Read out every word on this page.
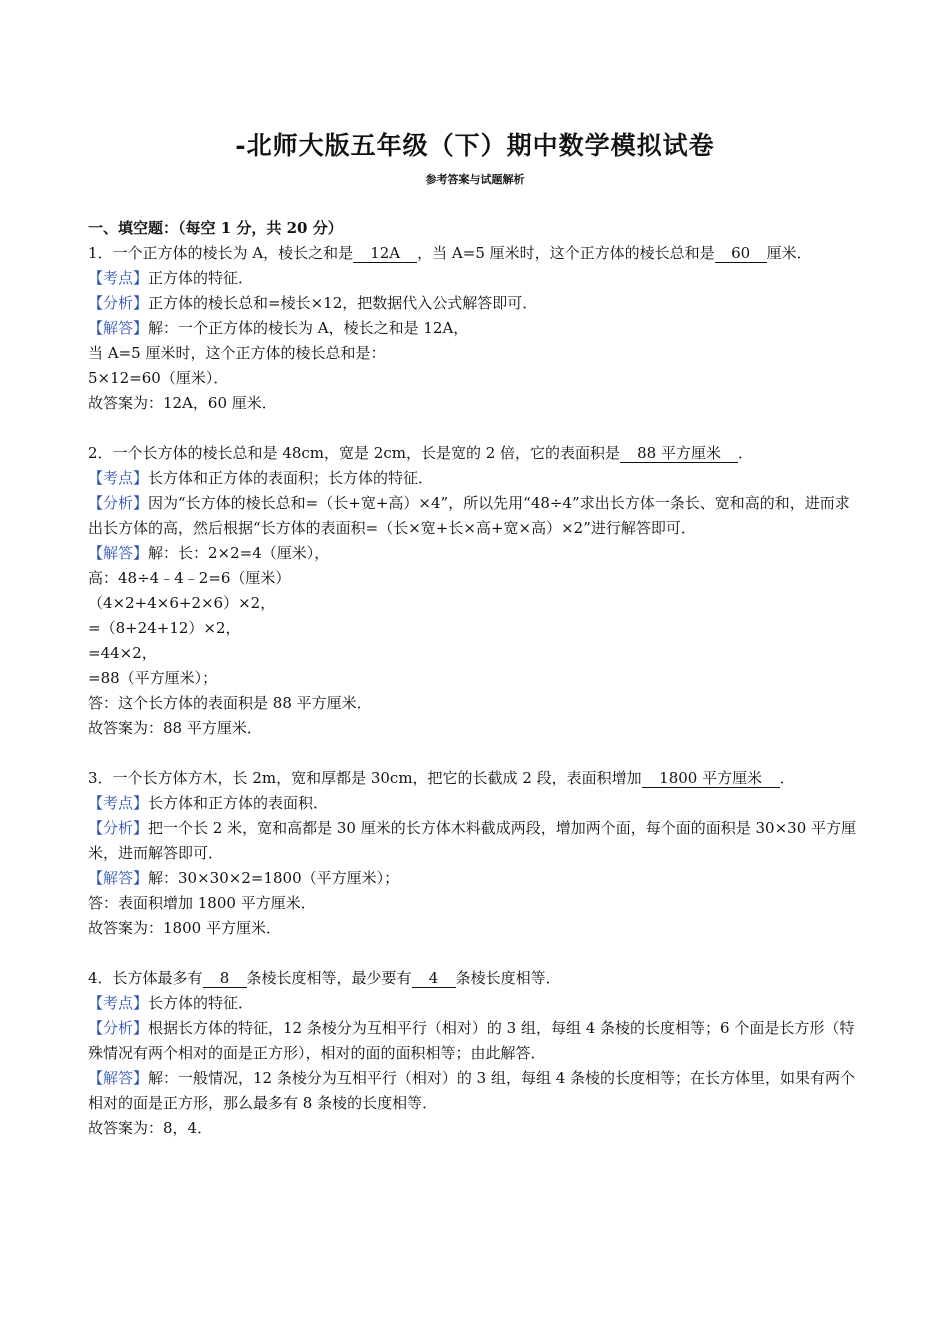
-北师大版五年级（下）期中数学模拟试卷
参考答案与试题解析
一、填空题：（每空 1 分，共 20 分）
1．一个正方体的棱长为 A，棱长之和是 12A ，当 A=5 厘米时，这个正方体的棱长总和是 60 厘米．
【考点】正方体的特征．
【分析】正方体的棱长总和=棱长×12，把数据代入公式解答即可．
【解答】解：一个正方体的棱长为 A，棱长之和是 12A，
当 A=5 厘米时，这个正方体的棱长总和是：
5×12=60（厘米）．
故答案为：12A，60 厘米．
2．一个长方体的棱长总和是 48cm，宽是 2cm，长是宽的 2 倍，它的表面积是 88 平方厘米 ．
【考点】长方体和正方体的表面积；长方体的特征．
【分析】因为“长方体的棱长总和=（长+宽+高）×4”，所以先用“48÷4”求出长方体一条长、宽和高的和，进而求出长方体的高，然后根据“长方体的表面积=（长×宽+长×高+宽×高）×2”进行解答即可．
【解答】解：长：2×2=4（厘米），
高：48÷4﹣4﹣2=6（厘米）
（4×2+4×6+2×6）×2，
=（8+24+12）×2，
=44×2，
=88（平方厘米）；
答：这个长方体的表面积是 88 平方厘米．
故答案为：88 平方厘米．
3．一个长方体方木，长 2m，宽和厚都是 30cm，把它的长截成 2 段，表面积增加 1800 平方厘米 ．
【考点】长方体和正方体的表面积．
【分析】把一个长 2 米，宽和高都是 30 厘米的长方体木料截成两段，增加两个面，每个面的面积是 30×30 平方厘米，进而解答即可．
【解答】解：30×30×2=1800（平方厘米）；
答：表面积增加 1800 平方厘米．
故答案为：1800 平方厘米．
4．长方体最多有 8 条棱长度相等，最少要有 4 条棱长度相等．
【考点】长方体的特征．
【分析】根据长方体的特征，12 条棱分为互相平行（相对）的 3 组，每组 4 条棱的长度相等；6 个面是长方形（特殊情况有两个相对的面是正方形），相对的面的面积相等；由此解答．
【解答】解：一般情况，12 条棱分为互相平行（相对）的 3 组，每组 4 条棱的长度相等；在长方体里，如果有两个相对的面是正方形，那么最多有 8 条棱的长度相等．
故答案为：8，4．
